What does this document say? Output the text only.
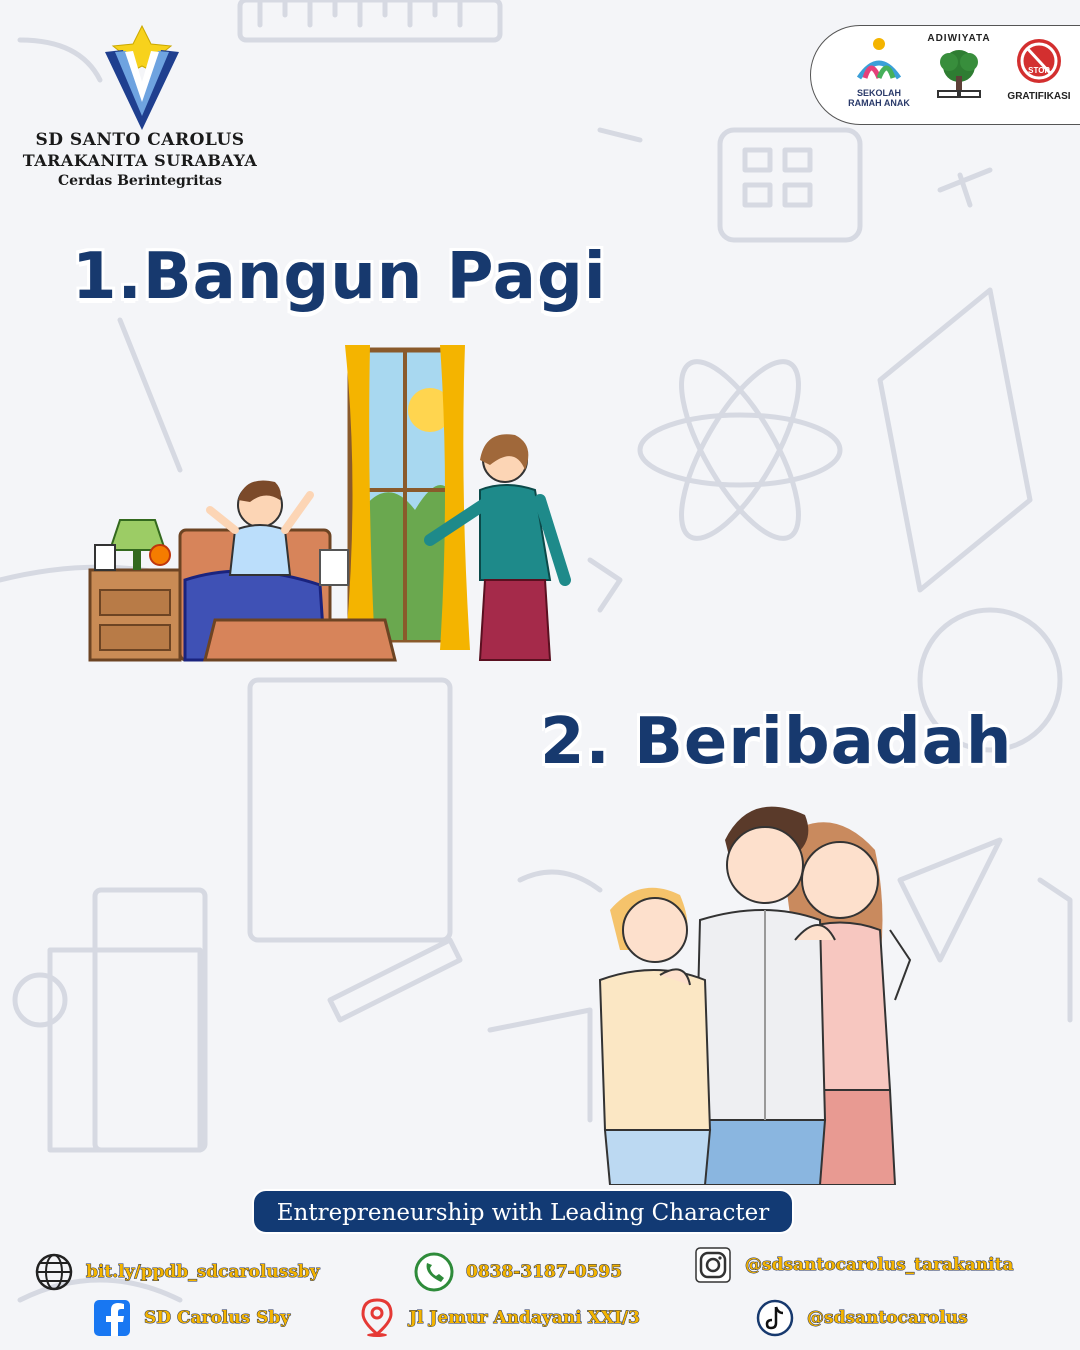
SD SANTO CAROLUS
TARAKANITA SURABAYA
Cerdas Berintegritas
SEKOLAH
RAMAH ANAK
ADIWIYATA
STOP
GRATIFIKASI
1.Bangun Pagi
2. Beribadah
Entrepreneurship with Leading Character
bit.ly/ppdb_sdcarolussby	0838-3187-0595	@sdsantocarolus_tarakanita
SD Carolus Sby	Jl Jemur Andayani XXI/3	@sdsantocarolus
